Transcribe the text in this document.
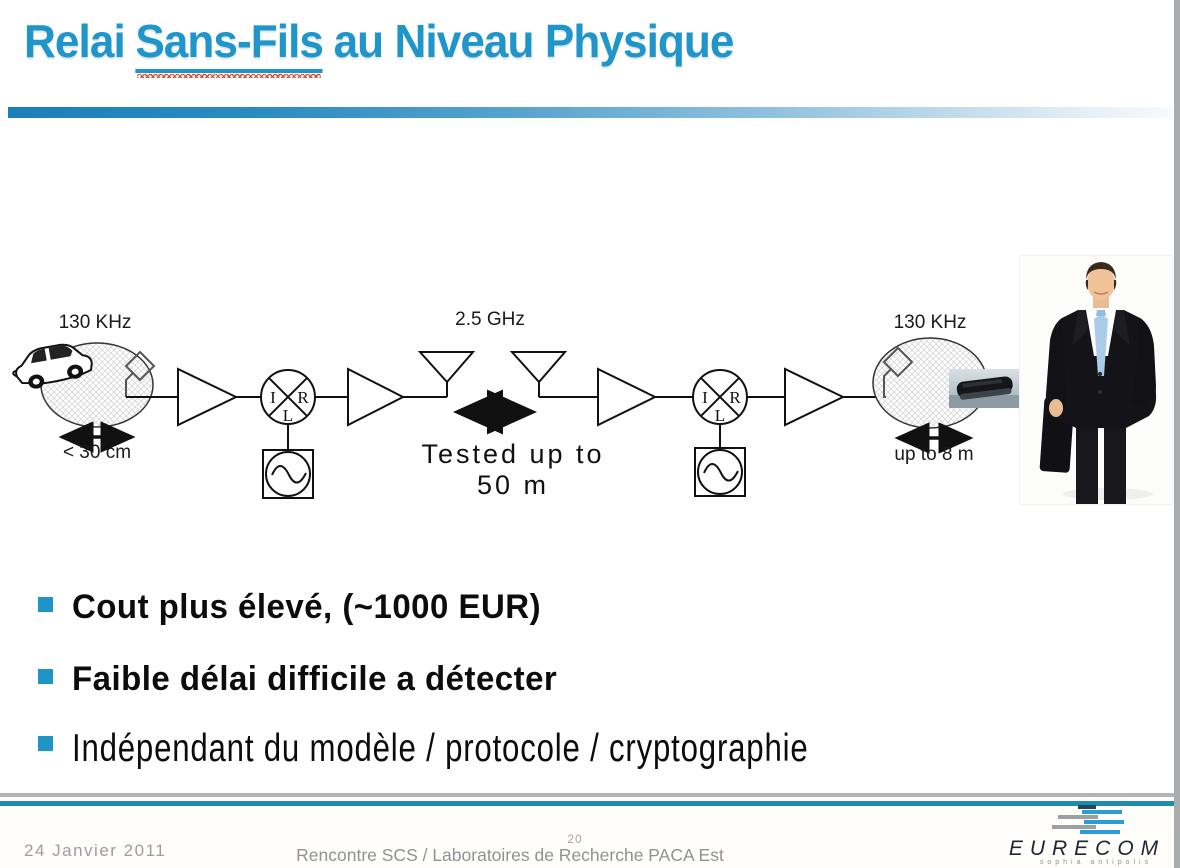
Relai Sans-Fils au Niveau Physique
130 KHz	2.5 GHz	130 KHz
< 30 cm
I R
L
Tested up to
50 m
I R
L
up to 8 m
Cout plus élevé, (~1000 EUR)
Faible délai difficile a détecter
Indépendant du modèle / protocole / cryptographie
24 Janvier 2011
20
Rencontre SCS / Laboratoires de Recherche PACA Est	EURECOM
sophia antipolis
